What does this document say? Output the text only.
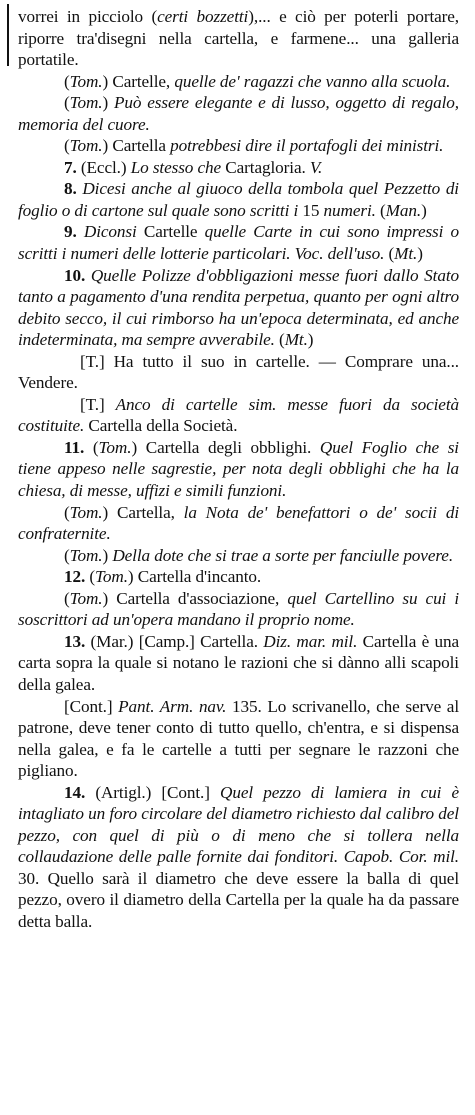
vorrei in picciolo (certi bozzetti),... e ciò per poterli portare, riporre tra'disegni nella cartella, e farmene... una galleria portatile.

(Tom.) Cartelle, quelle de' ragazzi che vanno alla scuola.

(Tom.) Può essere elegante e di lusso, oggetto di regalo, memoria del cuore.

(Tom.) Cartella potrebbesi dire il portafogli dei ministri.

7. (Eccl.) Lo stesso che Cartagloria. V.

8. Dicesi anche al giuoco della tombola quel Pezzetto di foglio o di cartone sul quale sono scritti i 15 numeri. (Man.)

9. Diconsi Cartelle quelle Carte in cui sono impressi o scritti i numeri delle lotterie particolari. Voc. dell'uso. (Mt.)

10. Quelle Polizze d'obbligazioni messe fuori dallo Stato tanto a pagamento d'una rendita perpetua, quanto per ogni altro debito secco, il cui rimborso ha un'epoca determinata, ed anche indeterminata, ma sempre avverabile. (Mt.)

[T.] Ha tutto il suo in cartelle. — Comprare una... Vendere.

[T.] Anco di cartelle sim. messe fuori da società costituite. Cartella della Società.

11. (Tom.) Cartella degli obblighi. Quel Foglio che si tiene appeso nelle sagrestie, per nota degli obblighi che ha la chiesa, di messe, uffizi e simili funzioni.

(Tom.) Cartella, la Nota de' benefattori o de' socii di confraternite.

(Tom.) Della dote che si trae a sorte per fanciulle povere.

12. (Tom.) Cartella d'incanto.

(Tom.) Cartella d'associazione, quel Cartellino su cui i soscrittori ad un'opera mandano il proprio nome.

13. (Mar.) [Camp.] Cartella. Diz. mar. mil. Cartella è una carta sopra la quale si notano le razioni che si dànno alli scapoli della galea.

[Cont.] Pant. Arm. nav. 135. Lo scrivanello, che serve al patrone, deve tener conto di tutto quello, ch'entra, e si dispensa nella galea, e fa le cartelle a tutti per segnare le razzoni che pigliano.

14. (Artigl.) [Cont.] Quel pezzo di lamiera in cui è intagliato un foro circolare del diametro richiesto dal calibro del pezzo, con quel di più o di meno che si tollera nella collaudazione delle palle fornite dai fonditori. Capob. Cor. mil. 30. Quello sarà il diametro che deve essere la balla di quel pezzo, overo il diametro della Cartella per la quale ha da passare detta balla.
